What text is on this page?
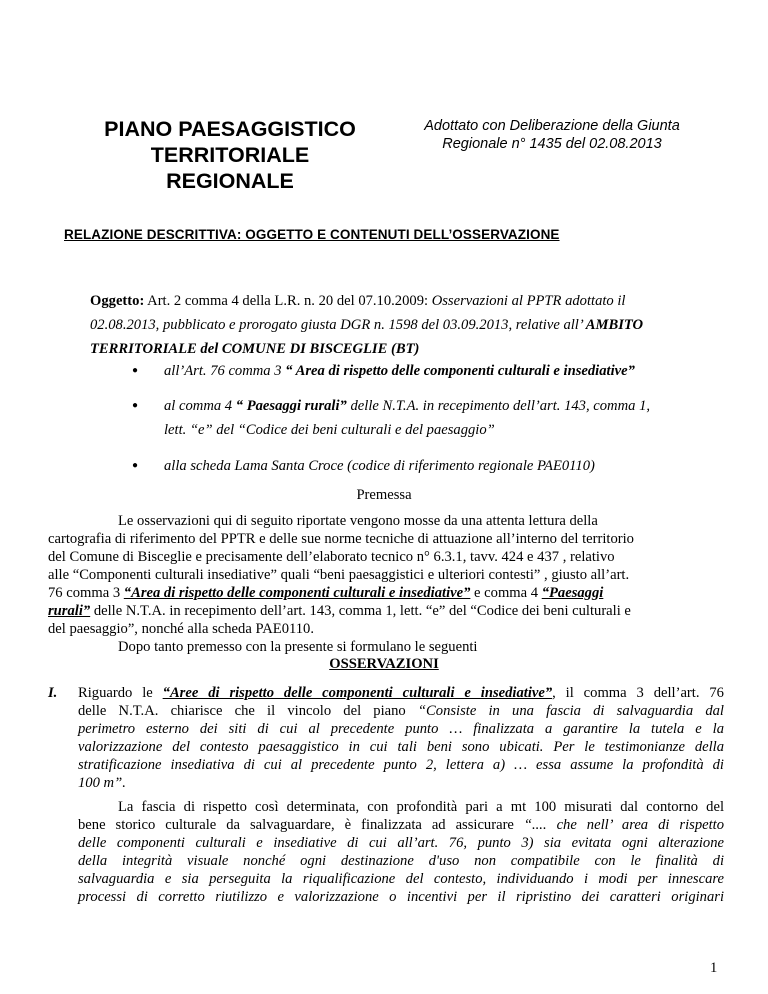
PIANO PAESAGGISTICO
TERRITORIALE
REGIONALE
Adottato con Deliberazione della Giunta
Regionale n° 1435 del 02.08.2013
RELAZIONE DESCRITTIVA: OGGETTO E CONTENUTI DELL’OSSERVAZIONE
Oggetto: Art. 2 comma 4 della L.R. n. 20 del 07.10.2009: Osservazioni al PPTR adottato il
02.08.2013, pubblicato e prorogato giusta DGR n. 1598 del 03.09.2013, relative all’ AMBITO
TERRITORIALE del COMUNE DI BISCEGLIE (BT)
● all’Art. 76 comma 3 “ Area di rispetto delle componenti culturali e insediative”
● al comma 4 “ Paesaggi rurali” delle N.T.A. in recepimento dell’art. 143, comma 1,
lett. “e” del “Codice dei beni culturali e del paesaggio”
● alla scheda Lama Santa Croce (codice di riferimento regionale PAE0110)
Premessa
Le osservazioni qui di seguito riportate vengono mosse da una attenta lettura della
cartografia di riferimento del PPTR e delle sue norme tecniche di attuazione all’interno del territorio
del Comune di Bisceglie e precisamente dell’elaborato tecnico n° 6.3.1, tavv. 424 e 437 , relativo
alle “Componenti culturali insediative” quali “beni paesaggistici e ulteriori contesti” , giusto all’art.
76 comma 3 “Area di rispetto delle componenti culturali e insediative” e comma 4 “Paesaggi
rurali” delle N.T.A. in recepimento dell’art. 143, comma 1, lett. “e” del “Codice dei beni culturali e
del paesaggio”, nonché alla scheda PAE0110.
Dopo tanto premesso con la presente si formulano le seguenti
OSSERVAZIONI
I. Riguardo le “Aree di rispetto delle componenti culturali e insediative”, il comma 3 dell’art. 76
delle N.T.A. chiarisce che il vincolo del piano “Consiste in una fascia di salvaguardia dal
perimetro esterno dei siti di cui al precedente punto … finalizzata a garantire la tutela e la
valorizzazione del contesto paesaggistico in cui tali beni sono ubicati. Per le testimonianze della
stratificazione insediativa di cui al precedente punto 2, lettera a) … essa assume la profondità di
100 m”.
La fascia di rispetto così determinata, con profondità pari a mt 100 misurati dal contorno del
bene storico culturale da salvaguardare, è finalizzata ad assicurare “.... che nell’ area di rispetto
delle componenti culturali e insediative di cui all’art. 76, punto 3) sia evitata ogni alterazione
della integrità visuale nonché ogni destinazione d'uso non compatibile con le finalità di
salvaguardia e sia perseguita la riqualificazione del contesto, individuando i modi per innescare
processi di corretto riutilizzo e valorizzazione o incentivi per il ripristino dei caratteri originari
1
